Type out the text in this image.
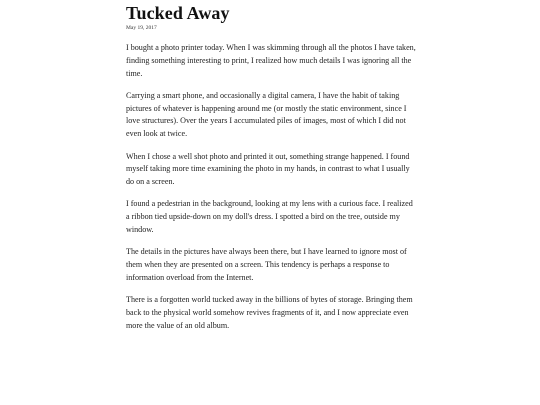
Tucked Away
May 19, 2017

I bought a photo printer today. When I was skimming through all the photos I have taken, finding something interesting to print, I realized how much details I was ignoring all the time.

Carrying a smart phone, and occasionally a digital camera, I have the habit of taking pictures of whatever is happening around me (or mostly the static environment, since I love structures). Over the years I accumulated piles of images, most of which I did not even look at twice.

When I chose a well shot photo and printed it out, something strange happened. I found myself taking more time examining the photo in my hands, in contrast to what I usually do on a screen.

I found a pedestrian in the background, looking at my lens with a curious face. I realized a ribbon tied upside-down on my doll's dress. I spotted a bird on the tree, outside my window.

The details in the pictures have always been there, but I have learned to ignore most of them when they are presented on a screen. This tendency is perhaps a response to information overload from the Internet.

There is a forgotten world tucked away in the billions of bytes of storage. Bringing them back to the physical world somehow revives fragments of it, and I now appreciate even more the value of an old album.
